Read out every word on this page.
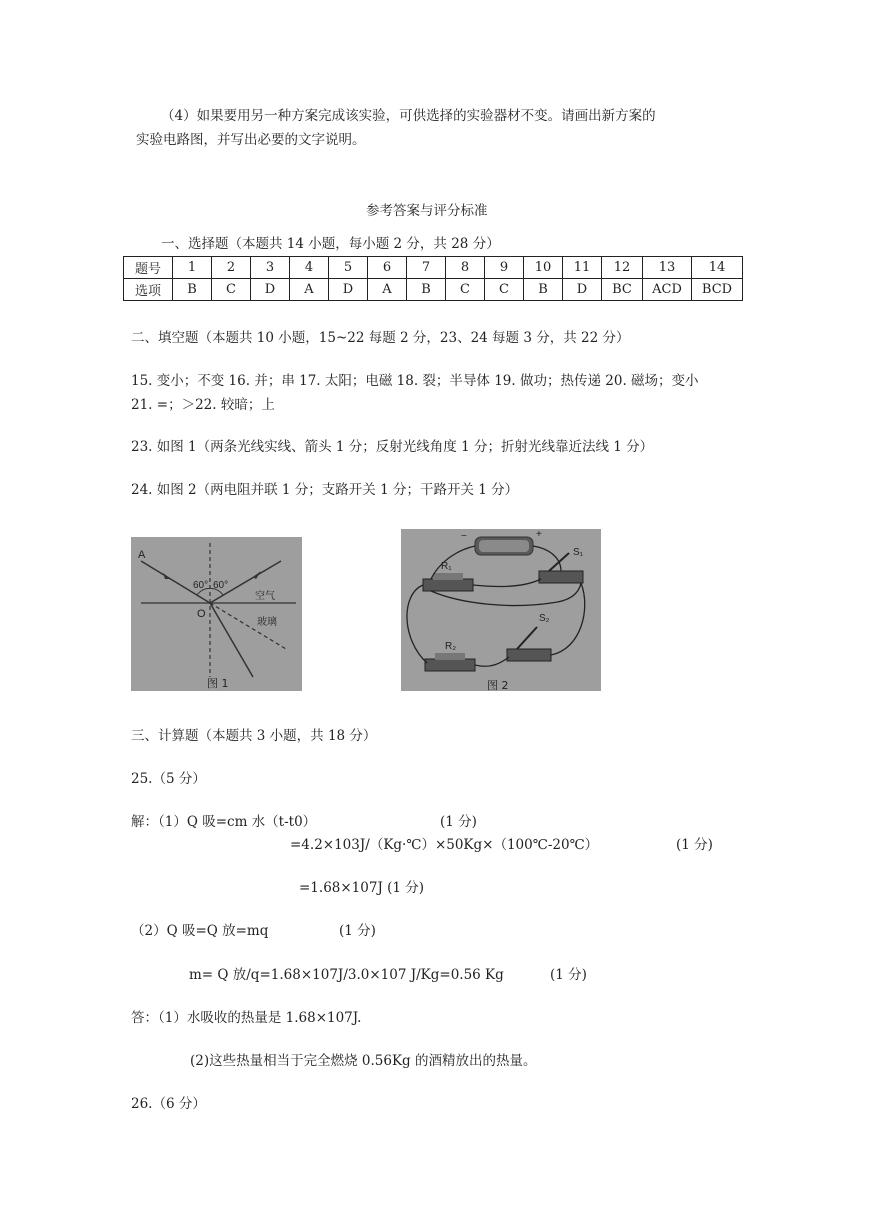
（4）如果要用另一种方案完成该实验，可供选择的实验器材不变。请画出新方案的
实验电路图，并写出必要的文字说明。
参考答案与评分标准
一、选择题（本题共 14 小题，每小题 2 分，共 28 分）
题号	1	2	3	4	5	6	7	8	9	10	11	12	13	14
选项	B	C	D	A	D	A	B	C	C	B	D	BC	ACD	BCD
二、填空题（本题共 10 小题，15~22 每题 2 分，23、24 每题 3 分，共 22 分）
15. 变小；不变 16. 并；串 17. 太阳；电磁 18. 裂；半导体 19. 做功；热传递 20. 磁场；变小
21. =；＞22. 较暗；上
23. 如图 1（两条光线实线、箭头 1 分；反射光线角度 1 分；折射光线靠近法线 1 分）
24. 如图 2（两电阻并联 1 分；支路开关 1 分；干路开关 1 分）
A
O
60° 60°
空气
玻璃
图 1
−	+
S₁
R₁
R₂
S₂
图 2
三、计算题（本题共 3 小题，共 18 分）
25.（5 分）
解：（1）Q 吸=cm 水（t-t0）	(1 分)
=4.2×103J/（Kg·℃）×50Kg×（100℃-20℃）	(1 分)
=1.68×107J (1 分)
（2）Q 吸=Q 放=mq	(1 分)
m= Q 放/q=1.68×107J/3.0×107 J/Kg=0.56 Kg	(1 分)
答：（1）水吸收的热量是 1.68×107J.
(2)这些热量相当于完全燃烧 0.56Kg 的酒精放出的热量。
26.（6 分）
